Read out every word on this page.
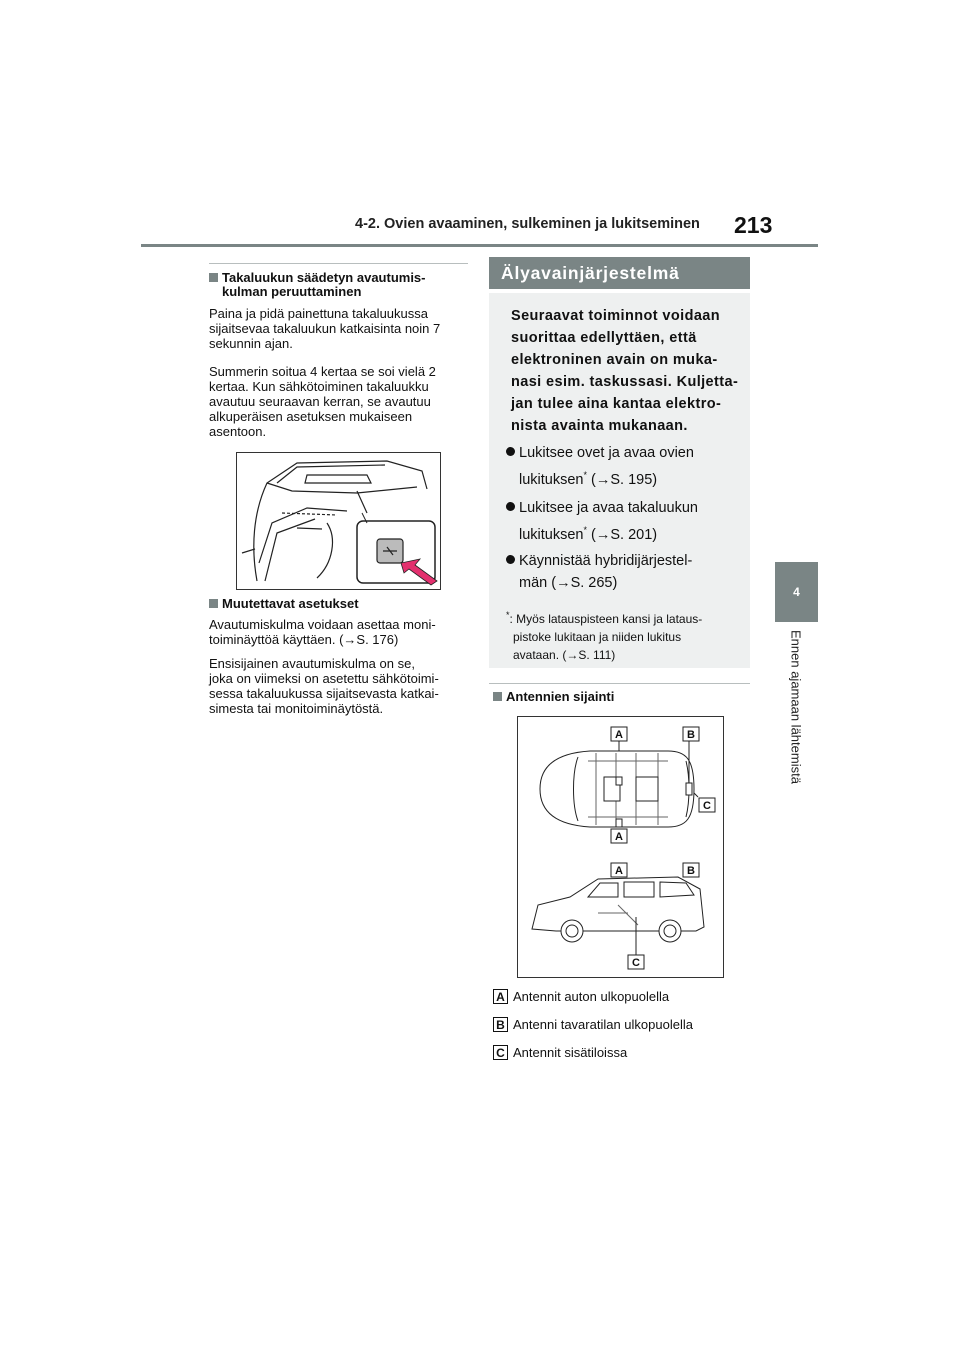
4-2. Ovien avaaminen, sulkeminen ja lukitseminen 213
4
Ennen ajamaan lähtemistä
Takaluukun säädetyn avautumis-
kulman peruuttaminen
Paina ja pidä painettuna takaluukussa
sijaitsevaa takaluukun katkaisinta noin 7
sekunnin ajan.
Summerin soitua 4 kertaa se soi vielä 2
kertaa. Kun sähkötoiminen takaluukku
avautuu seuraavan kerran, se avautuu
alkuperäisen asetuksen mukaiseen
asentoon.
Muutettavat asetukset
Avautumiskulma voidaan asettaa moni-
toiminäyttöä käyttäen. (→S. 176)
Ensisijainen avautumiskulma on se,
joka on viimeksi on asetettu sähkötoimi-
sessa takaluukussa sijaitsevasta katkai-
simesta tai monitoiminäytöstä.
Älyavainjärjestelmä
Seuraavat toiminnot voidaan
suorittaa edellyttäen, että
elektroninen avain on muka-
nasi esim. taskussasi. Kuljetta-
jan tulee aina kantaa elektro-
nista avainta mukanaan.
Lukitsee ovet ja avaa ovien
lukituksen* (→S. 195)
Lukitsee ja avaa takaluukun
lukituksen* (→S. 201)
Käynnistää hybridijärjestel-
män (→S. 265)
*: Myös latauspisteen kansi ja lataus-
pistoke lukitaan ja niiden lukitus
avataan. (→S. 111)
Antennien sijainti
A	B
C
A
A	B
C
A Antennit auton ulkopuolella
B Antenni tavaratilan ulkopuolella
C Antennit sisätiloissa
